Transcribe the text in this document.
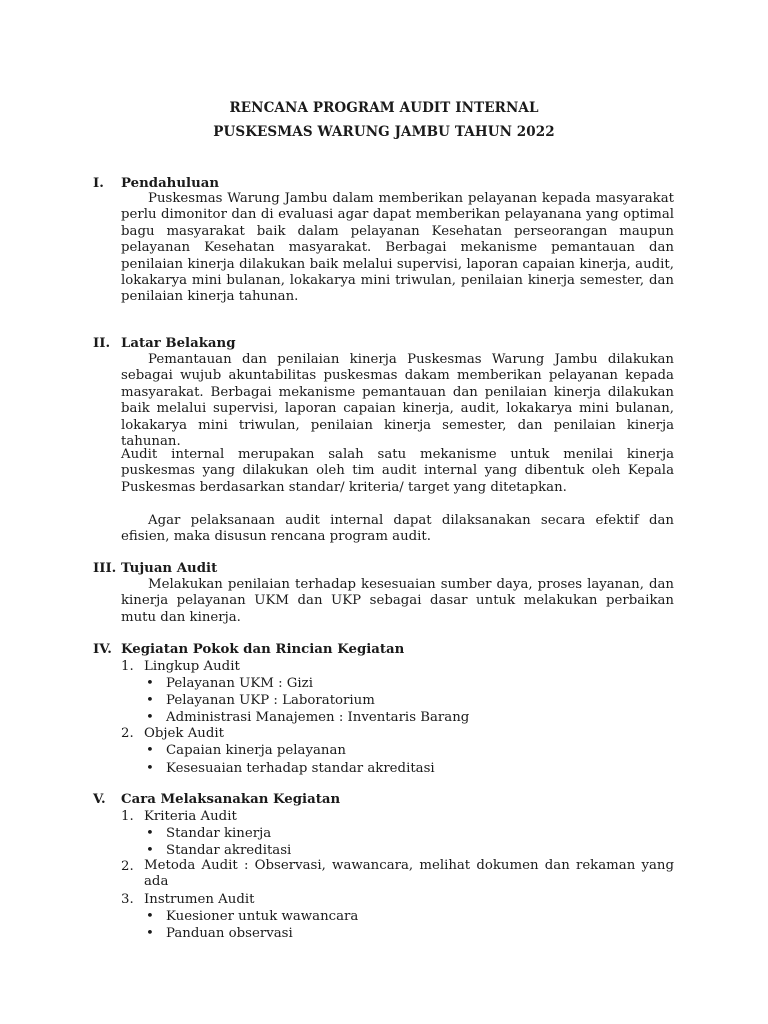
RENCANA PROGRAM AUDIT INTERNAL
PUSKESMAS WARUNG JAMBU TAHUN 2022
I. Pendahuluan

Puskesmas Warung Jambu dalam memberikan pelayanan kepada masyarakat perlu dimonitor dan di evaluasi agar dapat memberikan pelayanana yang optimal bagu masyarakat baik dalam pelayanan Kesehatan perseorangan maupun pelayanan Kesehatan masyarakat. Berbagai mekanisme pemantauan dan penilaian kinerja dilakukan baik melalui supervisi, laporan capaian kinerja, audit, lokakarya mini bulanan, lokakarya mini triwulan, penilaian kinerja semester, dan penilaian kinerja tahunan.

II. Latar Belakang

Pemantauan dan penilaian kinerja Puskesmas Warung Jambu dilakukan sebagai wujub akuntabilitas puskesmas dakam memberikan pelayanan kepada masyarakat. Berbagai mekanisme pemantauan dan penilaian kinerja dilakukan baik melalui supervisi, laporan capaian kinerja, audit, lokakarya mini bulanan, lokakarya mini triwulan, penilaian kinerja semester, dan penilaian kinerja tahunan.

Audit internal merupakan salah satu mekanisme untuk menilai kinerja puskesmas yang dilakukan oleh tim audit internal yang dibentuk oleh Kepala Puskesmas berdasarkan standar/ kriteria/ target yang ditetapkan.

Agar pelaksanaan audit internal dapat dilaksanakan secara efektif dan efisien, maka disusun rencana program audit.

III. Tujuan Audit

Melakukan penilaian terhadap kesesuaian sumber daya, proses layanan, dan kinerja pelayanan UKM dan UKP sebagai dasar untuk melakukan perbaikan mutu dan kinerja.

IV. Kegiatan Pokok dan Rincian Kegiatan
1. Lingkup Audit
• Pelayanan UKM : Gizi
• Pelayanan UKP : Laboratorium
• Administrasi Manajemen : Inventaris Barang
2. Objek Audit
• Capaian kinerja pelayanan
• Kesesuaian terhadap standar akreditasi
V. Cara Melaksanakan Kegiatan
1. Kriteria Audit
• Standar kinerja
• Standar akreditasi
2. Metoda Audit : Observasi, wawancara, melihat dokumen dan rekaman yang ada

3. Instrumen Audit
• Kuesioner untuk wawancara
• Panduan observasi
